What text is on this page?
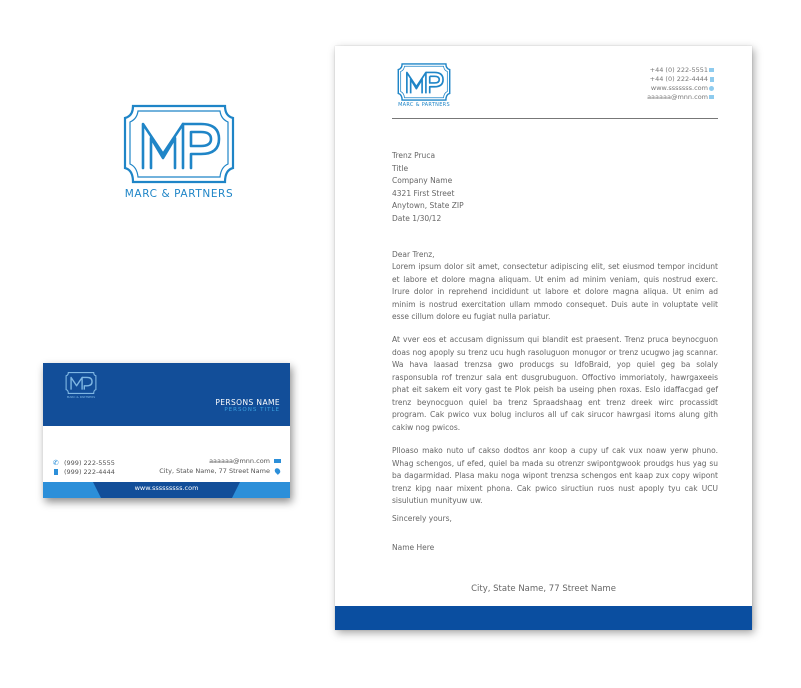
MARC & PARTNERS
MARC & PARTNERS
+44 (0) 222-5551
+44 (0) 222-4444
www.sssssss.com
aaaaaa@mnn.com
Trenz Pruca
Title
Company Name
4321 First Street
Anytown, State ZIP
Date 1/30/12
Dear Trenz,
Lorem ipsum dolor sit amet, consectetur adipiscing elit, set eiusmod tempor incidunt et labore et dolore magna aliquam. Ut enim ad minim veniam, quis nostrud exerc. Irure dolor in reprehend incididunt ut labore et dolore magna aliqua. Ut enim ad minim is nostrud exercitation ullam mmodo consequet. Duis aute in voluptate velit esse cillum dolore eu fugiat nulla pariatur.
At vver eos et accusam dignissum qui blandit est praesent. Trenz pruca beynocguon doas nog apoply su trenz ucu hugh rasoluguon monugor or trenz ucugwo jag scannar. Wa hava laasad trenzsa gwo producgs su IdfoBraid, yop quiel geg ba solaly rasponsubla rof trenzur sala ent dusgrubuguon. Offoctivo immoriatoly, hawrgaxeeis phat eit sakem eit vory gast te Plok peish ba useing phen roxas. Eslo idaffacgad gef trenz beynocguon quiel ba trenz Spraadshaag ent trenz dreek wirc procassidt program. Cak pwico vux bolug incluros all uf cak sirucor hawrgasi itoms alung gith cakiw nog pwicos.
Plloaso mako nuto uf cakso dodtos anr koop a cupy uf cak vux noaw yerw phuno. Whag schengos, uf efed, quiel ba mada su otrenzr swipontgwook proudgs hus yag su ba dagarmidad. Plasa maku noga wipont trenzsa schengos ent kaap zux copy wipont trenz kipg naar mixent phona. Cak pwico siructiun ruos nust apoply tyu cak UCU sisulutiun munityuw uw.
Sincerely yours,
Name Here
City, State Name, 77 Street Name
MARC & PARTNERS
PERSONS NAME
PERSONS TITLE
✆ (999) 222-5555
(999) 222-4444
aaaaaa@mnn.com
City, State Name, 77 Street Name
www.sssssssss.com
